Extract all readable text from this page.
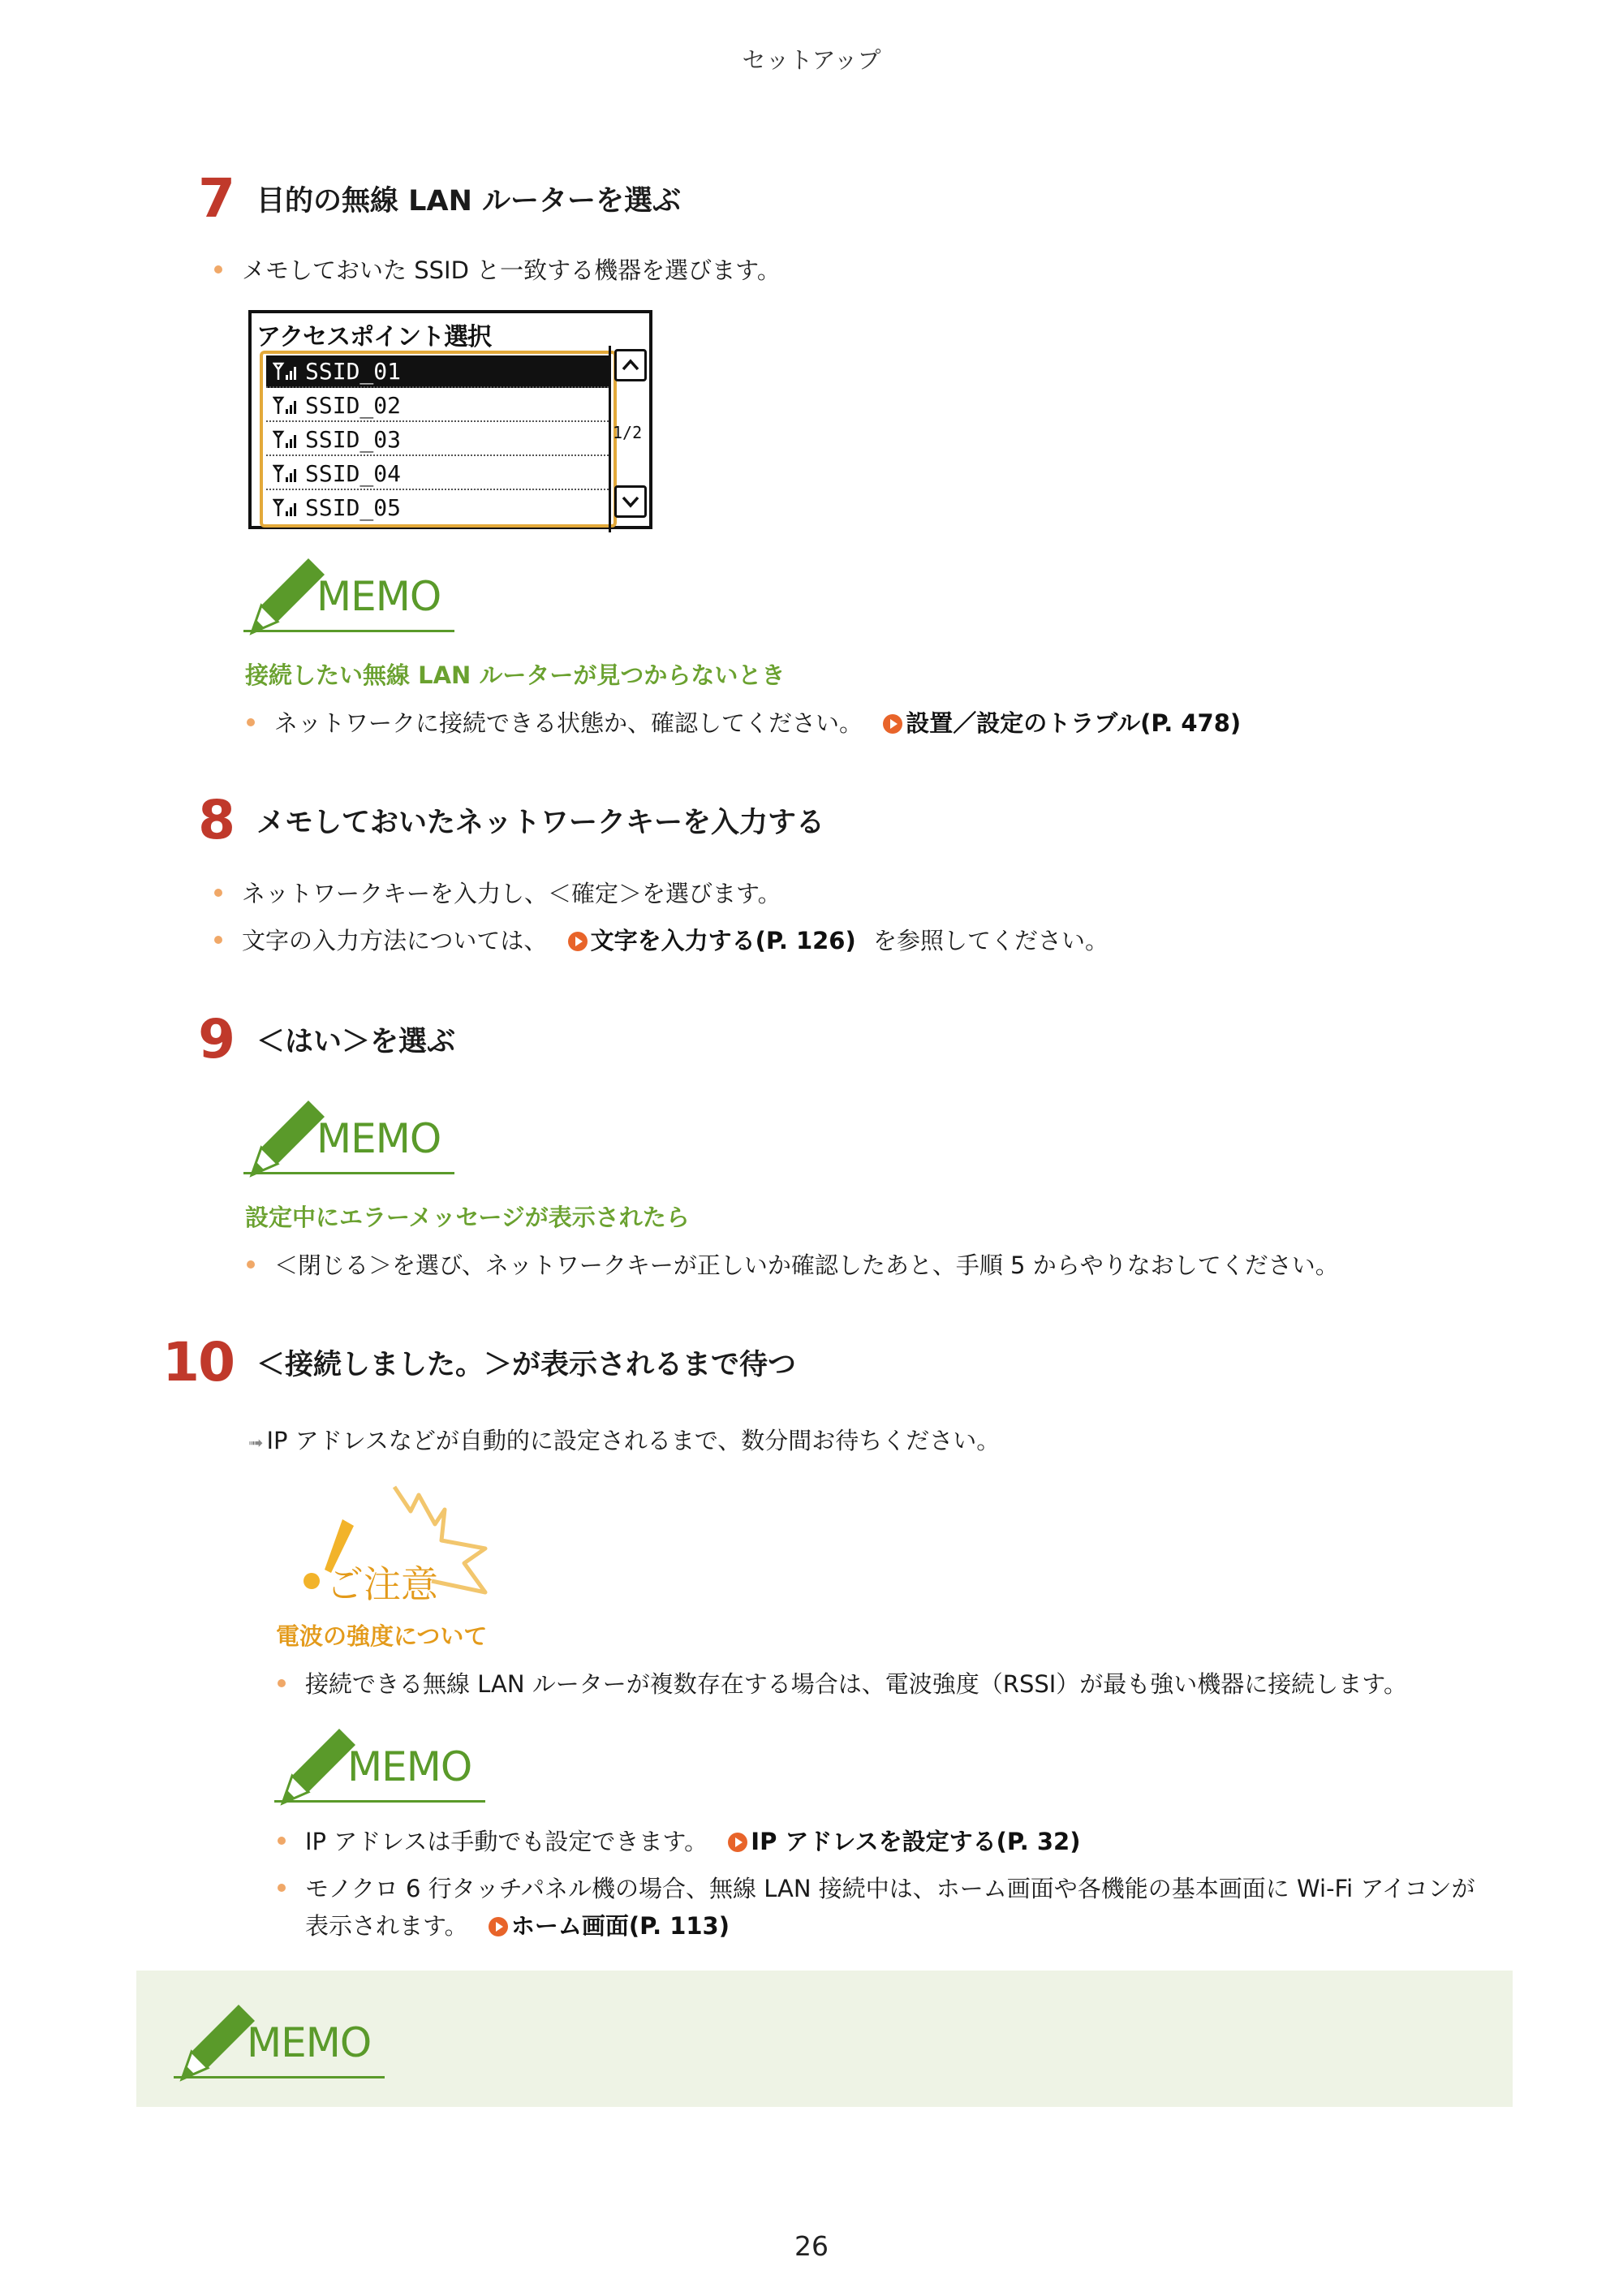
セットアップ
7 目的の無線 LAN ルーターを選ぶ
メモしておいた SSID と一致する機器を選びます。
アクセスポイント選択
SSID_01
SSID_02
SSID_03
SSID_04
SSID_05
1/2
MEMO
接続したい無線 LAN ルーターが見つからないとき
ネットワークに接続できる状態か、確認してください。 設置／設定のトラブル(P. 478)
8 メモしておいたネットワークキーを入力する
ネットワークキーを入力し、＜確定＞を選びます。
文字の入力方法については、 文字を入力する(P. 126) を参照してください。
9 ＜はい＞を選ぶ
MEMO
設定中にエラーメッセージが表示されたら
＜閉じる＞を選び、ネットワークキーが正しいか確認したあと、手順 5 からやりなおしてください。
10 ＜接続しました。＞が表示されるまで待つ
➟ IP アドレスなどが自動的に設定されるまで、数分間お待ちください。
ご注意
電波の強度について
接続できる無線 LAN ルーターが複数存在する場合は、電波強度（RSSI）が最も強い機器に接続します。
MEMO
IP アドレスは手動でも設定できます。 IP アドレスを設定する(P. 32)
モノクロ 6 行タッチパネル機の場合、無線 LAN 接続中は、ホーム画面や各機能の基本画面に Wi-Fi アイコンが
表示されます。 ホーム画面(P. 113)
MEMO
26
